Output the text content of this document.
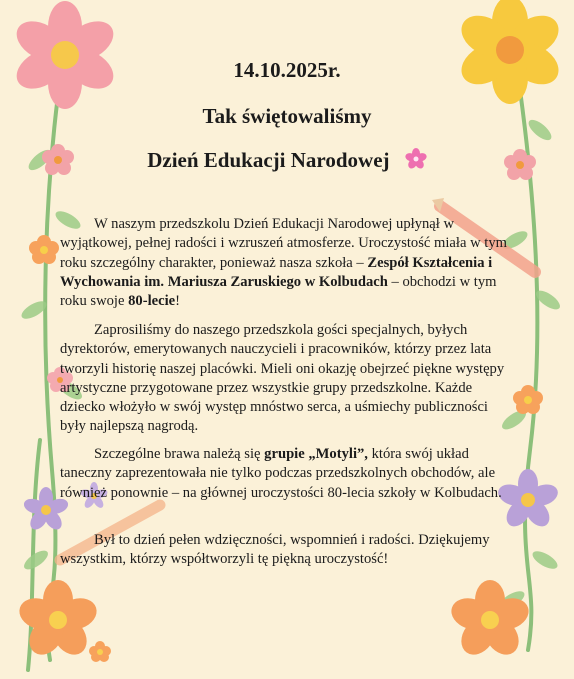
14.10.2025r.
Tak świętowaliśmy
Dzień Edukacji Narodowej

W naszym przedszkolu Dzień Edukacji Narodowej upłynął w wyjątkowej, pełnej radości i wzruszeń atmosferze. Uroczystość miała w tym roku szczególny charakter, ponieważ nasza szkoła – Zespół Kształcenia i Wychowania im. Mariusza Zaruskiego w Kolbudach – obchodzi w tym roku swoje 80-lecie!

Zaprosiliśmy do naszego przedszkola gości specjalnych, byłych dyrektorów, emerytowanych nauczycieli i pracowników, którzy przez lata tworzyli historię naszej placówki. Mieli oni okazję obejrzeć piękne występy artystyczne przygotowane przez wszystkie grupy przedszkolne. Każde dziecko włożyło w swój występ mnóstwo serca, a uśmiechy publiczności były najlepszą nagrodą.

Szczególne brawa należą się grupie „Motyli”, która swój układ taneczny zaprezentowała nie tylko podczas przedszkolnych obchodów, ale również ponownie – na głównej uroczystości 80-lecia szkoły w Kolbudach.

Był to dzień pełen wdzięczności, wspomnień i radości. Dziękujemy wszystkim, którzy współtworzyli tę piękną uroczystość!
